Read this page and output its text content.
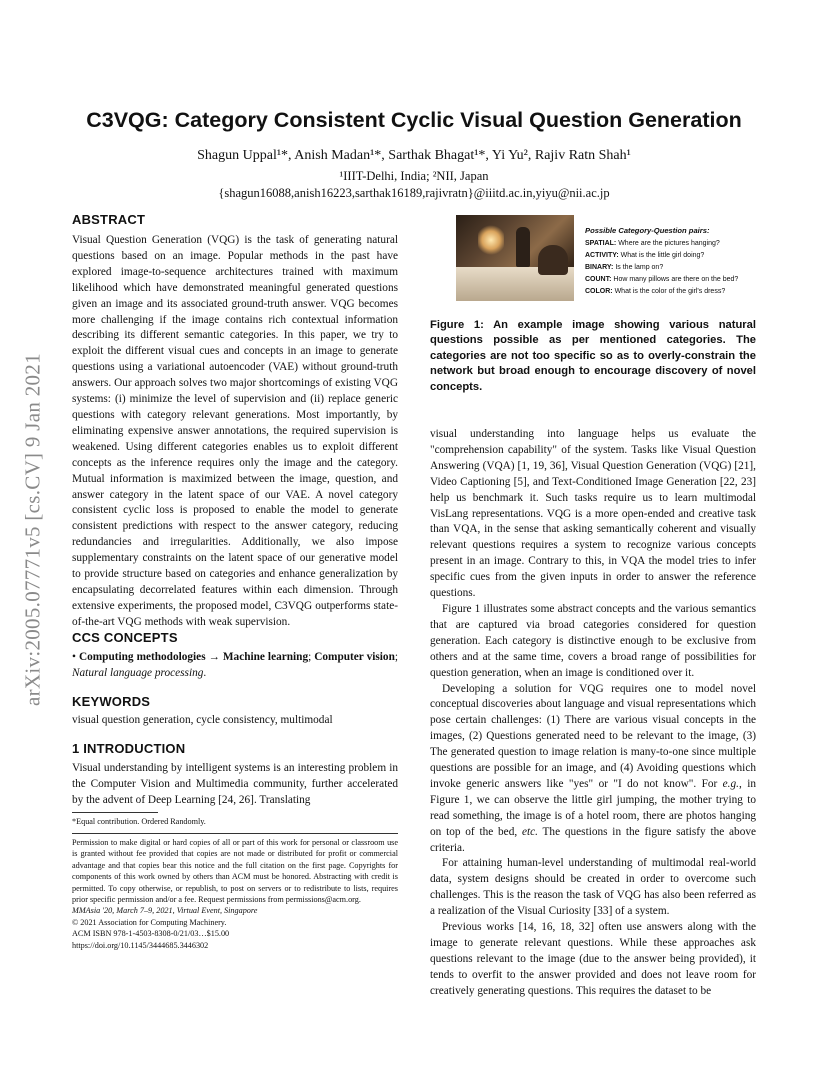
arXiv:2005.07771v5 [cs.CV] 9 Jan 2021
C3VQG: Category Consistent Cyclic Visual Question Generation
Shagun Uppal¹*, Anish Madan¹*, Sarthak Bhagat¹*, Yi Yu², Rajiv Ratn Shah¹
¹IIIT-Delhi, India; ²NII, Japan
{shagun16088,anish16223,sarthak16189,rajivratn}@iiitd.ac.in,yiyu@nii.ac.jp
ABSTRACT

Visual Question Generation (VQG) is the task of generating natural questions based on an image. Popular methods in the past have explored image-to-sequence architectures trained with maximum likelihood which have demonstrated meaningful generated questions given an image and its associated ground-truth answer. VQG becomes more challenging if the image contains rich contextual information describing its different semantic categories. In this paper, we try to exploit the different visual cues and concepts in an image to generate questions using a variational autoencoder (VAE) without ground-truth answers. Our approach solves two major shortcomings of existing VQG systems: (i) minimize the level of supervision and (ii) replace generic questions with category relevant generations. Most importantly, by eliminating expensive answer annotations, the required supervision is weakened. Using different categories enables us to exploit different concepts as the inference requires only the image and the category. Mutual information is maximized between the image, question, and answer category in the latent space of our VAE. A novel category consistent cyclic loss is proposed to enable the model to generate consistent predictions with respect to the answer category, reducing redundancies and irregularities. Additionally, we also impose supplementary constraints on the latent space of our generative model to provide structure based on categories and enhance generalization by encapsulating decorrelated features within each dimension. Through extensive experiments, the proposed model, C3VQG outperforms state-of-the-art VQG methods with weak supervision.

CCS CONCEPTS

• Computing methodologies → Machine learning; Computer vision; Natural language processing.

KEYWORDS

visual question generation, cycle consistency, multimodal

1 INTRODUCTION

Visual understanding by intelligent systems is an interesting problem in the Computer Vision and Multimedia community, further accelerated by the advent of Deep Learning [24, 26]. Translating

*Equal contribution. Ordered Randomly.
Permission to make digital or hard copies of all or part of this work for personal or classroom use is granted without fee provided that copies are not made or distributed for profit or commercial advantage and that copies bear this notice and the full citation on the first page. Copyrights for components of this work owned by others than ACM must be honored. Abstracting with credit is permitted. To copy otherwise, or republish, to post on servers or to redistribute to lists, requires prior specific permission and/or a fee. Request permissions from permissions@acm.org.
MMAsia '20, March 7–9, 2021, Virtual Event, Singapore
© 2021 Association for Computing Machinery.
ACM ISBN 978-1-4503-8308-0/21/03…$15.00
https://doi.org/10.1145/3444685.3446302
Possible Category-Question pairs:
SPATIAL: Where are the pictures hanging?
ACTIVITY: What is the little girl doing?
BINARY: Is the lamp on?
COUNT: How many pillows are there on the bed?
COLOR: What is the color of the girl's dress?
Figure 1: An example image showing various natural questions possible as per mentioned categories. The categories are not too specific so as to overly-constrain the network but broad enough to encourage discovery of novel concepts.

visual understanding into language helps us evaluate the "comprehension capability" of the system. Tasks like Visual Question Answering (VQA) [1, 19, 36], Visual Question Generation (VQG) [21], Video Captioning [5], and Text-Conditioned Image Generation [22, 23] help us benchmark it. Such tasks require us to learn multimodal VisLang representations. VQG is a more open-ended and creative task than VQA, in the sense that asking semantically coherent and visually relevant questions requires a system to recognize various concepts present in an image. Contrary to this, in VQA the model tries to infer specific cues from the given inputs in order to answer the reference questions.

Figure 1 illustrates some abstract concepts and the various semantics that are captured via broad categories considered for question generation. Each category is distinctive enough to be exclusive from others and at the same time, covers a broad range of possibilities for question generation, when an image is conditioned over it.

Developing a solution for VQG requires one to model novel conceptual discoveries about language and visual representations which pose certain challenges: (1) There are various visual concepts in the images, (2) Questions generated need to be relevant to the image, (3) The generated question to image relation is many-to-one since multiple questions are possible for an image, and (4) Avoiding questions which invoke generic answers like "yes" or "I do not know". For e.g., in Figure 1, we can observe the little girl jumping, the mother trying to read something, the image is of a hotel room, there are photos hanging on top of the bed, etc. The questions in the figure satisfy the above criteria.

For attaining human-level understanding of multimodal real-world data, system designs should be created in order to overcome such challenges. This is the reason the task of VQG has also been referred as a realization of the Visual Curiosity [33] of a system.

Previous works [14, 16, 18, 32] often use answers along with the image to generate relevant questions. While these approaches ask questions relevant to the image (due to the answer being provided), it tends to overfit to the answer provided and does not leave room for creatively generating questions. This requires the dataset to be
